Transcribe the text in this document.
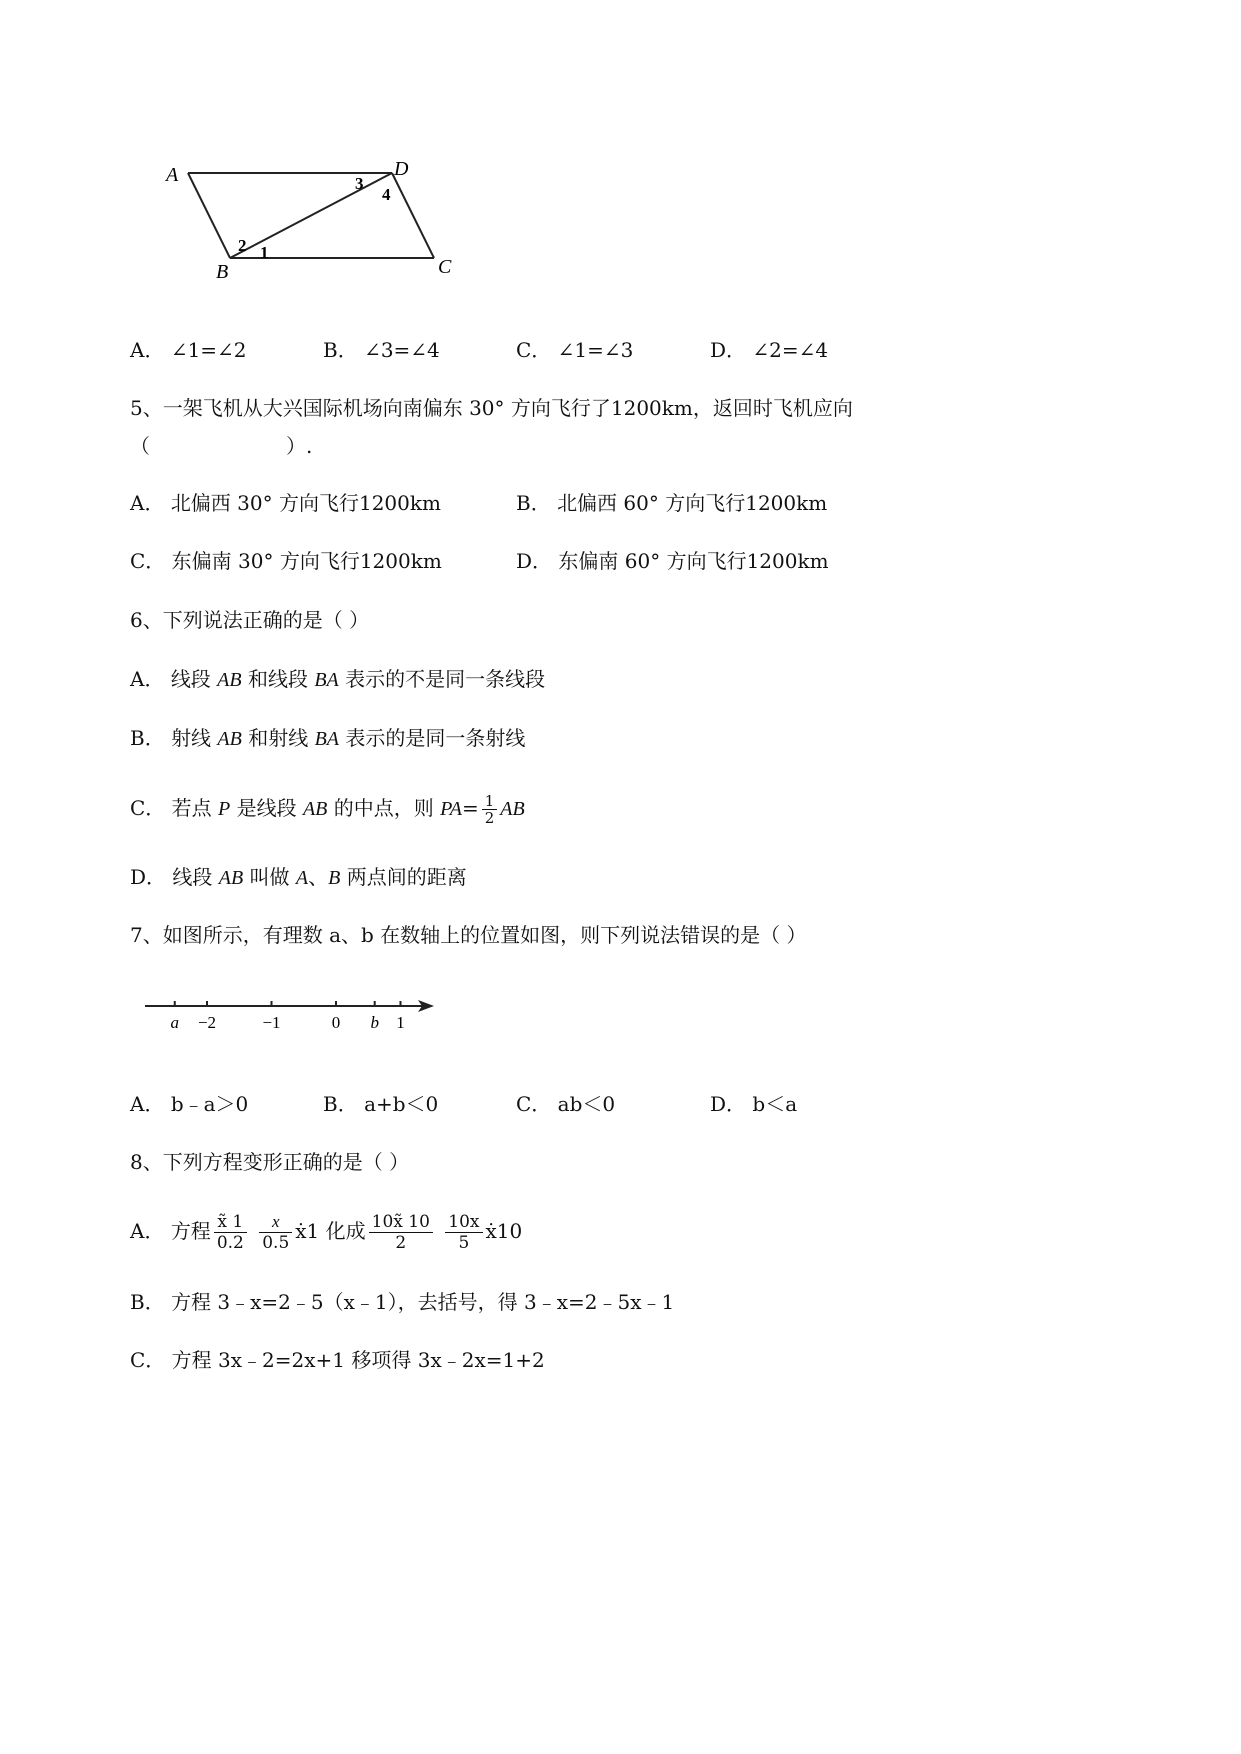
A	D
B	C
1
2
3
4
A． ∠1=∠2	B． ∠3=∠4	C． ∠1=∠3	D． ∠2=∠4
5、一架飞机从大兴国际机场向南偏东 30° 方向飞行了1200km，返回时飞机应向
（	）.
A． 北偏西 30° 方向飞行1200km	B． 北偏西 60° 方向飞行1200km
C． 东偏南 30° 方向飞行1200km	D． 东偏南 60° 方向飞行1200km
6、下列说法正确的是（ ）
A． 线段 AB 和线段 BA 表示的不是同一条线段
B． 射线 AB 和射线 BA 表示的是同一条射线
C． 若点 P 是线段 AB 的中点，则 $PA= \frac{1}{2}$ AB
D． 线段 AB 叫做 A、B 两点间的距离
7、如图所示，有理数 a、b 在数轴上的位置如图，则下列说法错误的是（ ）
a −2	−1	0 b 1
A． b﹣a＞0	B． a+b＜0	C． ab＜0	D． b＜a
8、下列方程变形正确的是（ ）
A． 方程 $\frac{x̃ 1}{0.2}$
$\frac{x}{0.5}$ ẋ1 化成 $\frac{10x̃ 10}{2}$
$\frac{10x}{5}$ ẋ10
B． 方程 3﹣x=2﹣5（x﹣1），去括号，得 3﹣x=2﹣5x﹣1
C． 方程 3x﹣2=2x+1 移项得 3x﹣2x=1+2
